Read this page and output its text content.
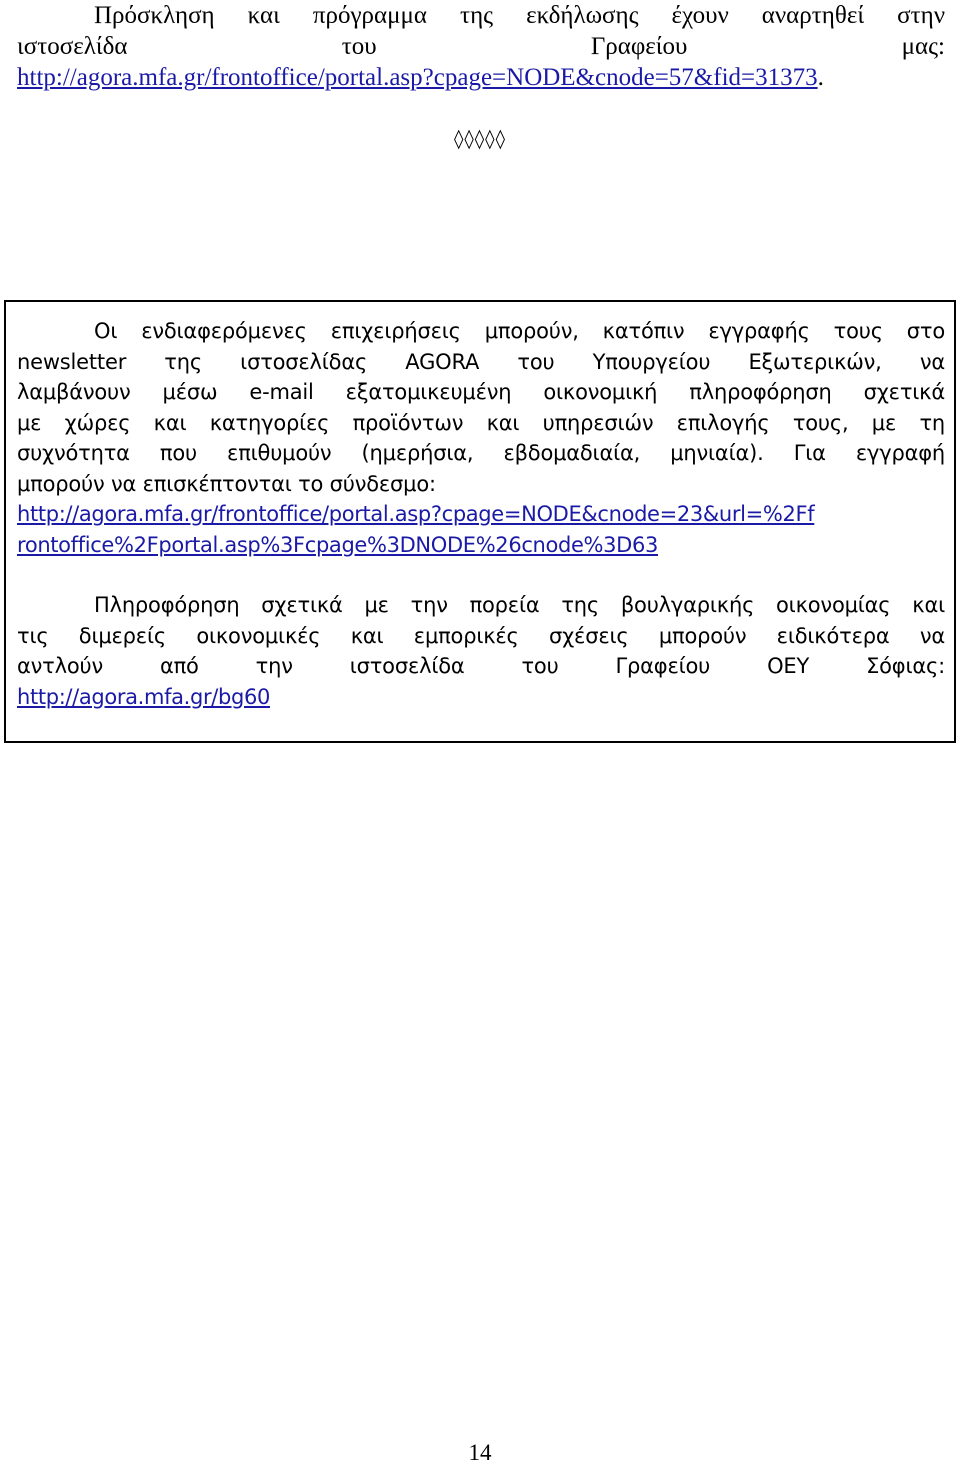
Πρόσκληση και πρόγραμμα της εκδήλωσης έχουν αναρτηθεί στην
ιστοσελίδα του Γραφείου μας:
http://agora.mfa.gr/frontoffice/portal.asp?cpage=NODE&cnode=57&fid=31373.
◊◊◊◊◊
Οι ενδιαφερόμενες επιχειρήσεις μπορούν, κατόπιν εγγραφής τους στο
newsletter της ιστοσελίδας AGORA του Υπουργείου Εξωτερικών, να
λαμβάνουν μέσω e-mail εξατομικευμένη οικονομική πληροφόρηση σχετικά
με χώρες και κατηγορίες προϊόντων και υπηρεσιών επιλογής τους, με τη
συχνότητα που επιθυμούν (ημερήσια, εβδομαδιαία, μηνιαία). Για εγγραφή
μπορούν να επισκέπτονται το σύνδεσμο:
http://agora.mfa.gr/frontoffice/portal.asp?cpage=NODE&cnode=23&url=%2Ff
rontoffice%2Fportal.asp%3Fcpage%3DNODE%26cnode%3D63
Πληροφόρηση σχετικά με την πορεία της βουλγαρικής οικονομίας και
τις διμερείς οικονομικές και εμπορικές σχέσεις μπορούν ειδικότερα να
αντλούν από την ιστοσελίδα του Γραφείου ΟΕΥ Σόφιας:
http://agora.mfa.gr/bg60
14
